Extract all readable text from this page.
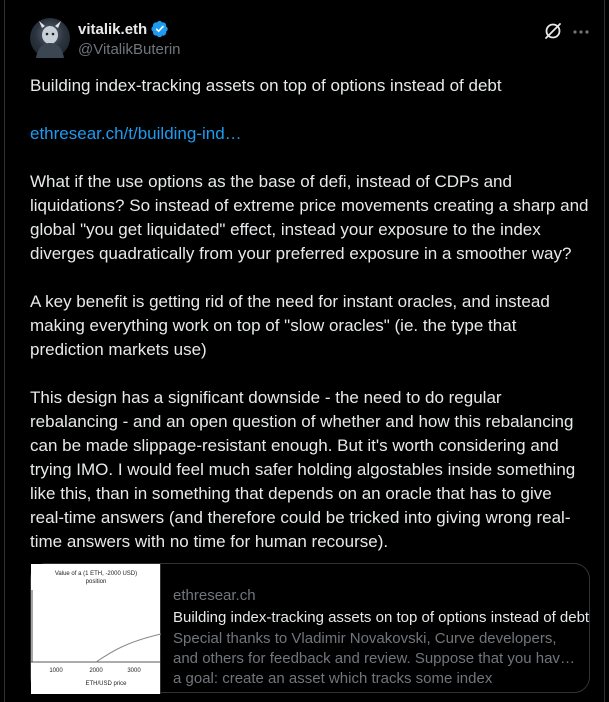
vitalik.eth
@VitalikButerin

Building index-tracking assets on top of options instead of debt

ethresear.ch/t/building-ind…

What if the use options as the base of defi, instead of CDPs and liquidations? So instead of extreme price movements creating a sharp and global "you get liquidated" effect, instead your exposure to the index diverges quadratically from your preferred exposure in a smoother way?

A key benefit is getting rid of the need for instant oracles, and instead making everything work on top of "slow oracles" (ie. the type that prediction markets use)

This design has a significant downside - the need to do regular rebalancing - and an open question of whether and how this rebalancing can be made slippage-resistant enough. But it's worth considering and trying IMO. I would feel much safer holding algostables inside something like this, than in something that depends on an oracle that has to give real-time answers (and therefore could be tricked into giving wrong real-time answers with no time for human recourse).

Value of a (1 ETH, -2000 USD)
position
1000	2000	3000
ETH/USD price
ethresear.ch
Building index-tracking assets on top of options instead of debt
Special thanks to Vladimir Novakovski, Curve developers, and others for feedback and review. Suppose that you have a goal: create an asset which tracks some index
